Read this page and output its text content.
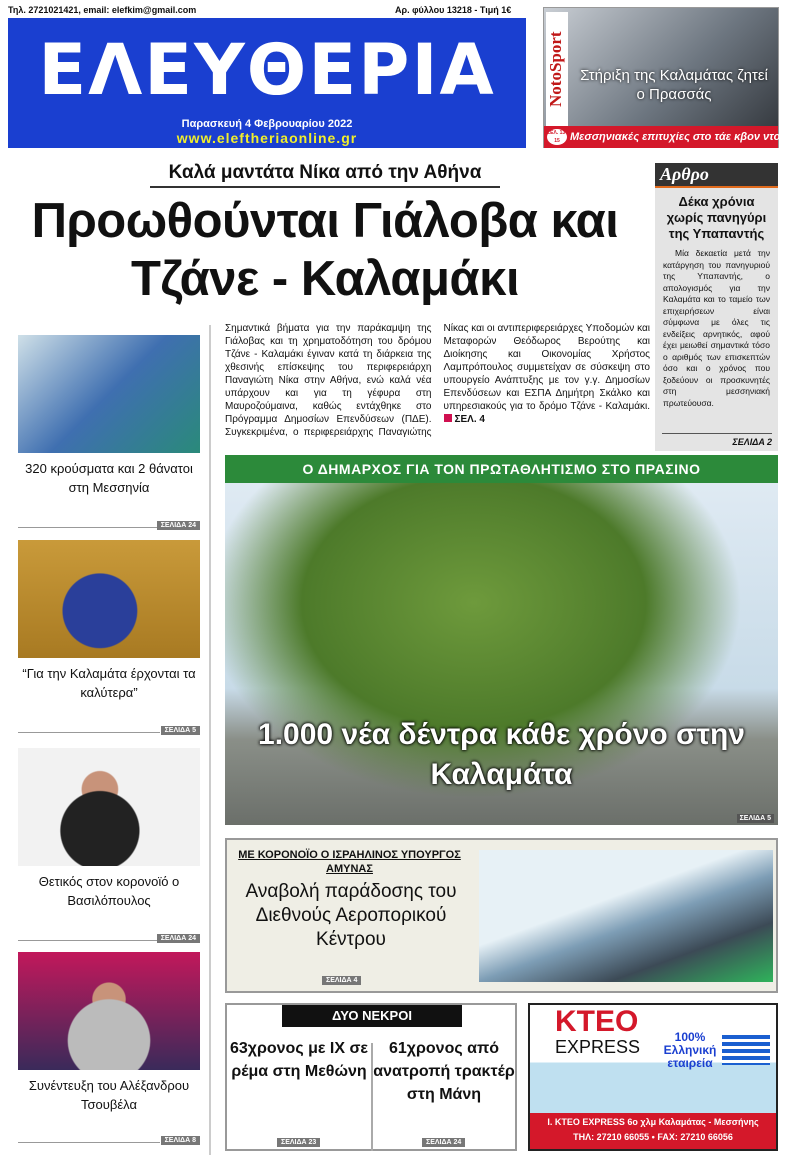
Τηλ. 2721021421, email: elefkim@gmail.com	Αρ. φύλλου 13218 - Τιμή 1€
ΕΛΕΥΘΕΡΙΑ
Παρασκευή 4 Φεβρουαρίου 2022
www.eleftheriaonline.gr
NotoSport	Στήριξη της Καλαμάτας ζητεί ο Πρασσάς
ΣΕΛ. 13-15 Μεσσηνιακές επιτυχίες στο τάε κβον ντο
Καλά μαντάτα Νίκα από την Αθήνα
Προωθούνται Γιάλοβα και Τζάνε - Καλαμάκι
Αρθρο
Δέκα χρόνια χωρίς πανηγύρι της Υπαπαντής
Μία δεκαετία μετά την κατάργηση του πανηγυριού της Υπαπαντής, ο απολογισμός για την Καλαμάτα και το ταμείο των επιχειρήσεων είναι σύμφωνα με όλες τις ενδείξεις αρνητικός, αφού έχει μειωθεί σημαντικά τόσο ο αριθμός των επισκεπτών όσο και ο χρόνος που ξοδεύουν οι προσκυνητές στη μεσσηνιακή πρωτεύουσα.
ΣΕΛΙΔΑ 2
320 κρούσματα και 2 θάνατοι στη Μεσσηνία
ΣΕΛΙΔΑ 24
“Για την Καλαμάτα έρχονται τα καλύτερα”
ΣΕΛΙΔΑ 5
Θετικός στον κορονοϊό ο Βασιλόπουλος
ΣΕΛΙΔΑ 24
Συνέντευξη του Αλέξανδρου Τσουβέλα
ΣΕΛΙΔΑ 8
Σημαντικά βήματα για την παράκαμψη της Γιάλοβας και τη χρηματοδότηση του δρόμου Τζάνε - Καλαμάκι έγιναν κατά τη διάρκεια της χθεσινής επίσκεψης του περιφερειάρχη Παναγιώτη Νίκα στην Αθήνα, ενώ καλά νέα υπάρχουν και για τη γέφυρα στη Μαυροζούμαινα, καθώς εντάχθηκε στο Πρόγραμμα Δημοσίων Επενδύσεων (ΠΔΕ). Συγκεκριμένα, ο περιφερειάρχης Παναγιώτης Νίκας και οι αντιπεριφερειάρχες Υποδομών και Μεταφορών Θεόδωρος Βερούτης και Διοίκησης και Οικονομίας Χρήστος Λαμπρόπουλος συμμετείχαν σε σύσκεψη στο υπουργείο Ανάπτυξης με τον γ.γ. Δημοσίων Επενδύσεων και ΕΣΠΑ Δημήτρη Σκάλκο και υπηρεσιακούς για το δρόμο Τζάνε - Καλαμάκι. ΣΕΛ. 4
Ο ΔΗΜΑΡΧΟΣ ΓΙΑ ΤΟΝ ΠΡΩΤΑΘΛΗΤΙΣΜΟ ΣΤΟ ΠΡΑΣΙΝΟ
1.000 νέα δέντρα κάθε χρόνο στην Καλαμάτα
ΣΕΛΙΔΑ 5
ΜΕ ΚΟΡΟΝΟΪΟ Ο ΙΣΡΑΗΛΙΝΟΣ ΥΠΟΥΡΓΟΣ ΑΜΥΝΑΣ
Αναβολή παράδοσης του Διεθνούς Αεροπορικού Κέντρου
ΣΕΛΙΔΑ 4
ΔΥΟ ΝΕΚΡΟΙ
63χρονος με ΙΧ σε ρέμα στη Μεθώνη
ΣΕΛΙΔΑ 23
61χρονος από ανατροπή τρακτέρ στη Μάνη
ΣΕΛΙΔΑ 24
ΚΤΕΟ
EXPRESS	100% Ελληνική εταιρεία
I. ΚΤΕΟ EXPRESS 6ο χλμ Καλαμάτας - Μεσσήνης
ΤΗΛ: 27210 66055 • FAX: 27210 66056
